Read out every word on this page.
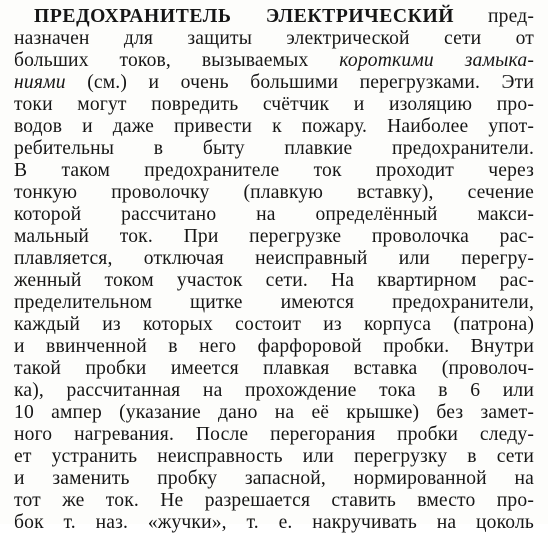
ПРЕДОХРАНИТЕЛЬ ЭЛЕКТРИЧЕСКИЙ пред-
назначен для защиты электрической сети от
больших токов, вызываемых короткими замыка-
ниями (см.) и очень большими перегрузками. Эти
токи могут повредить счётчик и изоляцию про-
водов и даже привести к пожару. Наиболее упот-
ребительны в быту плавкие предохранители.
В таком предохранителе ток проходит через
тонкую проволочку (плавкую вставку), сечение
которой рассчитано на определённый макси-
мальный ток. При перегрузке проволочка рас-
плавляется, отключая неисправный или перегру-
женный током участок сети. На квартирном рас-
пределительном щитке имеются предохранители,
каждый из которых состоит из корпуса (патрона)
и ввинченной в него фарфоровой пробки. Внутри
такой пробки имеется плавкая вставка (проволоч-
ка), рассчитанная на прохождение тока в 6 или
10 ампер (указание дано на её крышке) без замет-
ного нагревания. После перегорания пробки следу-
ет устранить неисправность или перегрузку в сети
и заменить пробку запасной, нормированной на
тот же ток. Не разрешается ставить вместо про-
бок т. наз. «жучки», т. е. накручивать на цоколь
